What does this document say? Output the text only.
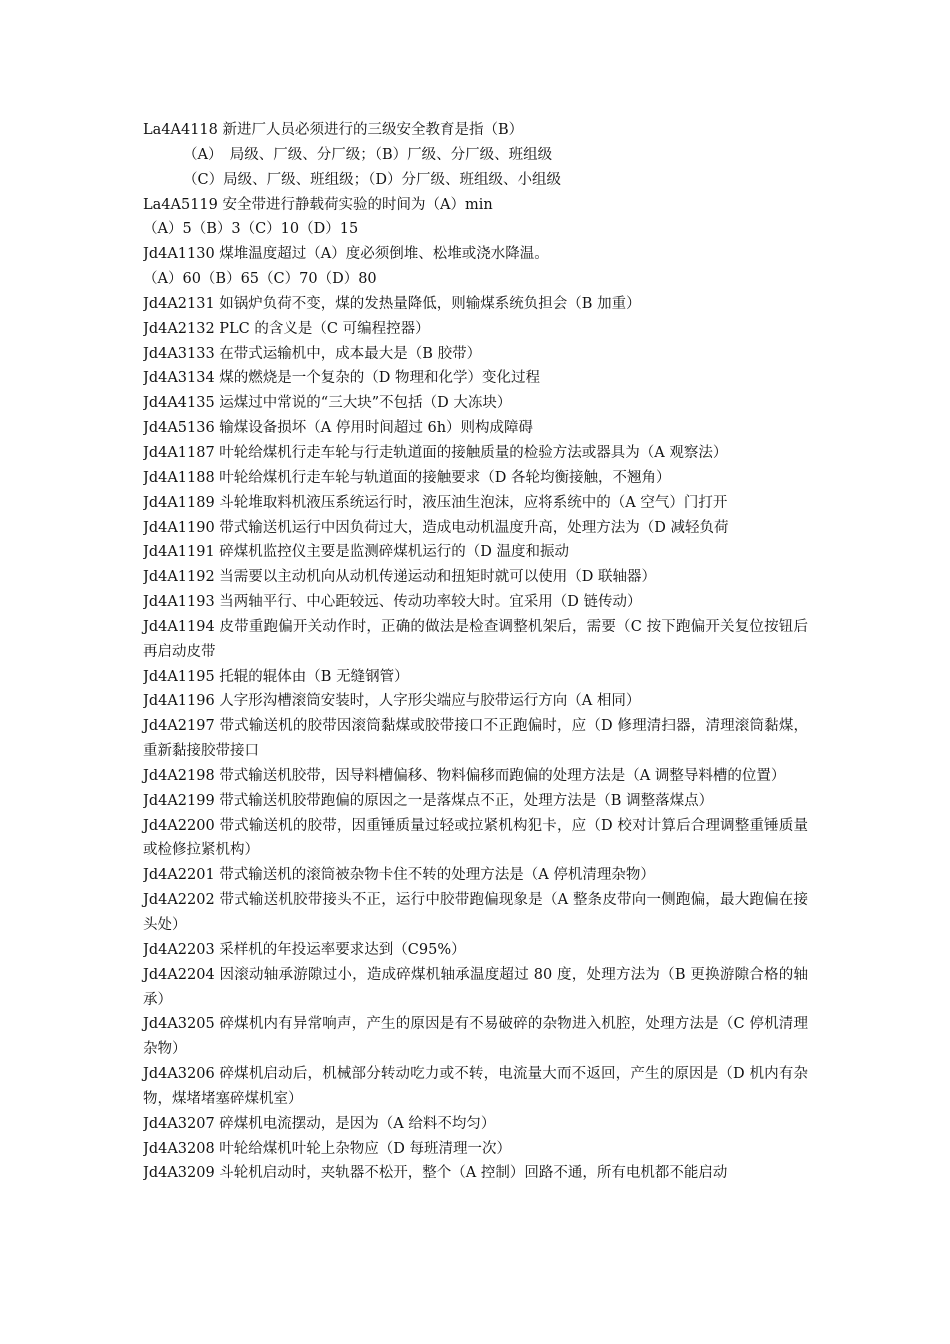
La4A4118 新进厂人员必须进行的三级安全教育是指（B）
（A）　局级、厂级、分厂级；（B）厂级、分厂级、班组级
（C）局级、厂级、班组级；（D）分厂级、班组级、小组级
La4A5119 安全带进行静载荷实验的时间为（A）min
（A）5（B）3（C）10（D）15
Jd4A1130 煤堆温度超过（A）度必须倒堆、松堆或浇水降温。
（A）60（B）65（C）70（D）80
Jd4A2131 如锅炉负荷不变，煤的发热量降低，则输煤系统负担会（B 加重）
Jd4A2132 PLC 的含义是（C 可编程控器）
Jd4A3133 在带式运输机中，成本最大是（B 胶带）
Jd4A3134 煤的燃烧是一个复杂的（D 物理和化学）变化过程
Jd4A4135 运煤过中常说的“三大块”不包括（D 大冻块）
Jd4A5136 输煤设备损坏（A 停用时间超过 6h）则构成障碍
Jd4A1187 叶轮给煤机行走车轮与行走轨道面的接触质量的检验方法或器具为（A 观察法）
Jd4A1188 叶轮给煤机行走车轮与轨道面的接触要求（D 各轮均衡接触，不翘角）
Jd4A1189 斗轮堆取料机液压系统运行时，液压油生泡沫，应将系统中的（A 空气）门打开
Jd4A1190 带式输送机运行中因负荷过大，造成电动机温度升高，处理方法为（D 减轻负荷
Jd4A1191 碎煤机监控仪主要是监测碎煤机运行的（D 温度和振动
Jd4A1192 当需要以主动机向从动机传递运动和扭矩时就可以使用（D 联轴器）
Jd4A1193 当两轴平行、中心距较远、传动功率较大时。宜采用（D 链传动）
Jd4A1194 皮带重跑偏开关动作时，正确的做法是检查调整机架后，需要（C 按下跑偏开关复位按钮后再启动皮带
Jd4A1195 托辊的辊体由（B 无缝钢管）
Jd4A1196 人字形沟槽滚筒安装时，人字形尖端应与胶带运行方向（A 相同）
Jd4A2197 带式输送机的胶带因滚筒黏煤或胶带接口不正跑偏时，应（D 修理清扫器，清理滚筒黏煤，重新黏接胶带接口
Jd4A2198 带式输送机胶带，因导料槽偏移、物料偏移而跑偏的处理方法是（A 调整导料槽的位置）
Jd4A2199 带式输送机胶带跑偏的原因之一是落煤点不正，处理方法是（B 调整落煤点）
Jd4A2200 带式输送机的胶带，因重锤质量过轻或拉紧机构犯卡，应（D 校对计算后合理调整重锤质量或检修拉紧机构）
Jd4A2201 带式输送机的滚筒被杂物卡住不转的处理方法是（A 停机清理杂物）
Jd4A2202 带式输送机胶带接头不正，运行中胶带跑偏现象是（A 整条皮带向一侧跑偏，最大跑偏在接头处）
Jd4A2203 采样机的年投运率要求达到（C95%）
Jd4A2204 因滚动轴承游隙过小，造成碎煤机轴承温度超过 80 度，处理方法为（B 更换游隙合格的轴承）
Jd4A3205 碎煤机内有异常响声，产生的原因是有不易破碎的杂物进入机腔，处理方法是（C 停机清理杂物）
Jd4A3206 碎煤机启动后，机械部分转动吃力或不转，电流量大而不返回，产生的原因是（D 机内有杂物，煤堵堵塞碎煤机室）
Jd4A3207 碎煤机电流摆动，是因为（A 给料不均匀）
Jd4A3208 叶轮给煤机叶轮上杂物应（D 每班清理一次）
Jd4A3209 斗轮机启动时，夹轨器不松开，整个（A 控制）回路不通，所有电机都不能启动
